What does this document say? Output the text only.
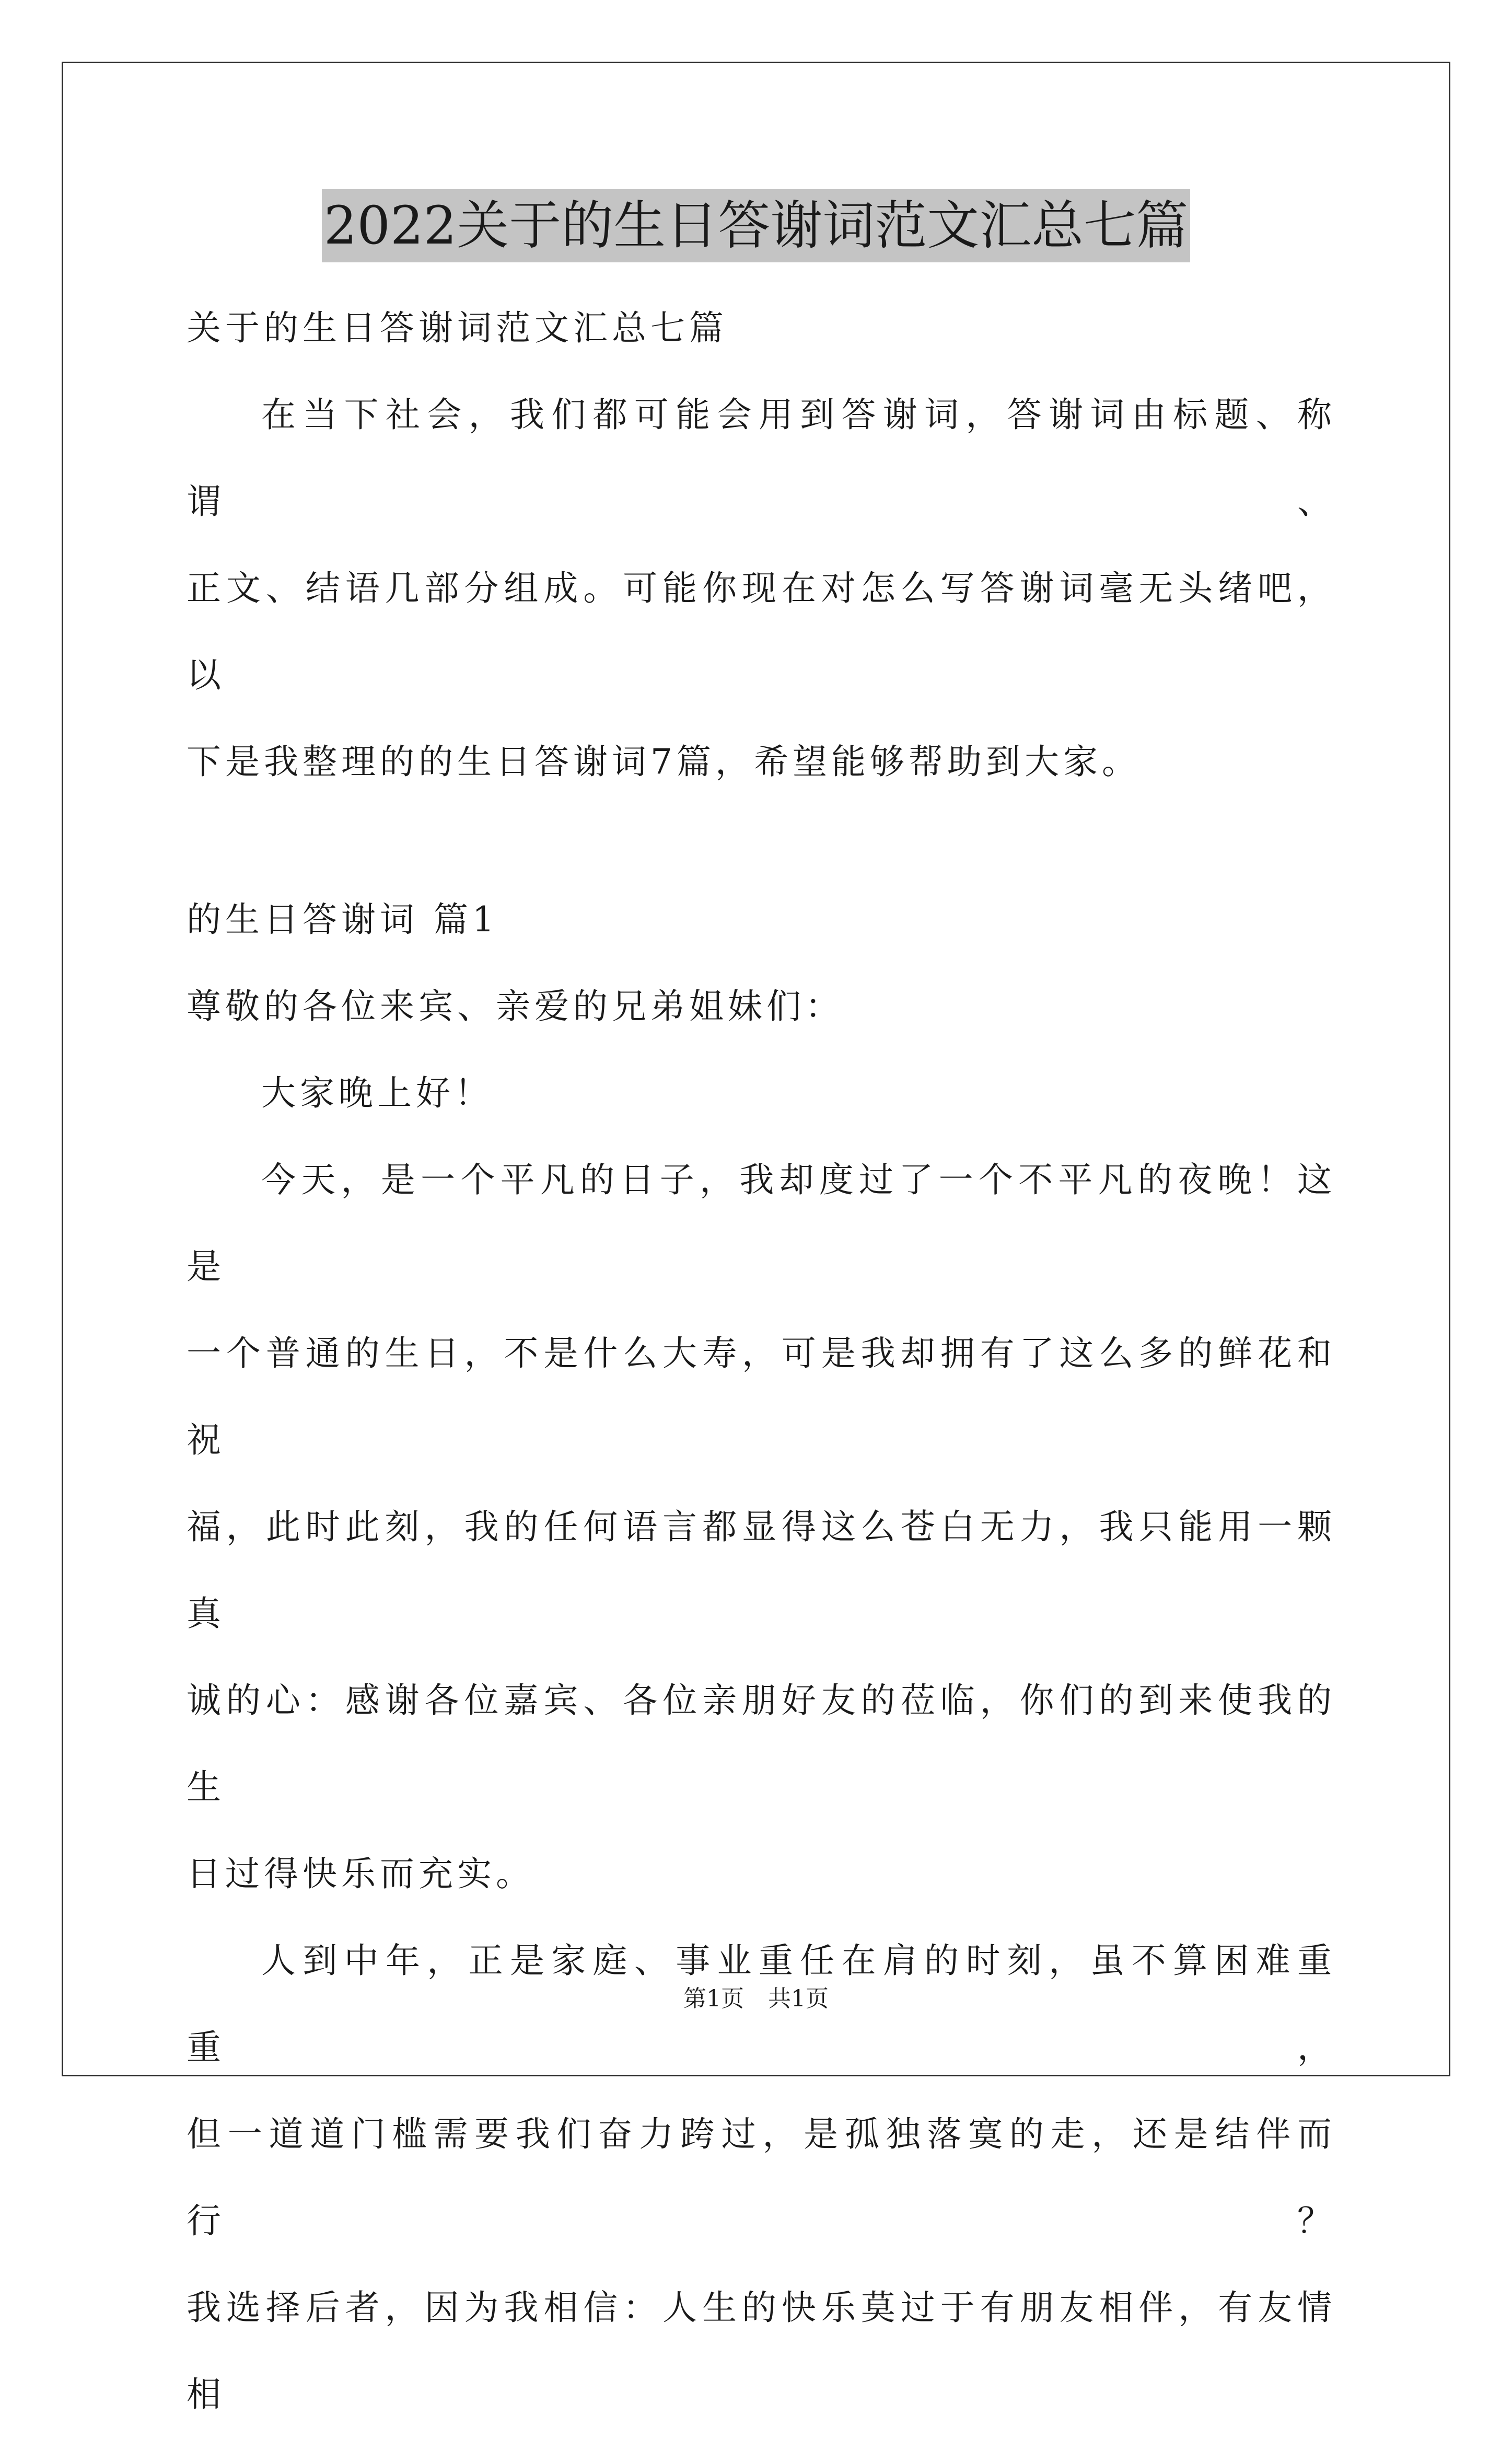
2022关于的生日答谢词范文汇总七篇
关于的生日答谢词范文汇总七篇
在当下社会，我们都可能会用到答谢词，答谢词由标题、称谓、
正文、结语几部分组成。可能你现在对怎么写答谢词毫无头绪吧，以
下是我整理的的生日答谢词7篇，希望能够帮助到大家。
的生日答谢词 篇1
尊敬的各位来宾、亲爱的兄弟姐妹们：
大家晚上好！
今天，是一个平凡的日子，我却度过了一个不平凡的夜晚！这是
一个普通的生日，不是什么大寿，可是我却拥有了这么多的鲜花和祝
福，此时此刻，我的任何语言都显得这么苍白无力，我只能用一颗真
诚的心：感谢各位嘉宾、各位亲朋好友的莅临，你们的到来使我的生
日过得快乐而充实。
人到中年，正是家庭、事业重任在肩的时刻，虽不算困难重重，
但一道道门槛需要我们奋力跨过，是孤独落寞的走，还是结伴而行？
我选择后者，因为我相信：人生的快乐莫过于有朋友相伴，有友情相
第1页 共1页
